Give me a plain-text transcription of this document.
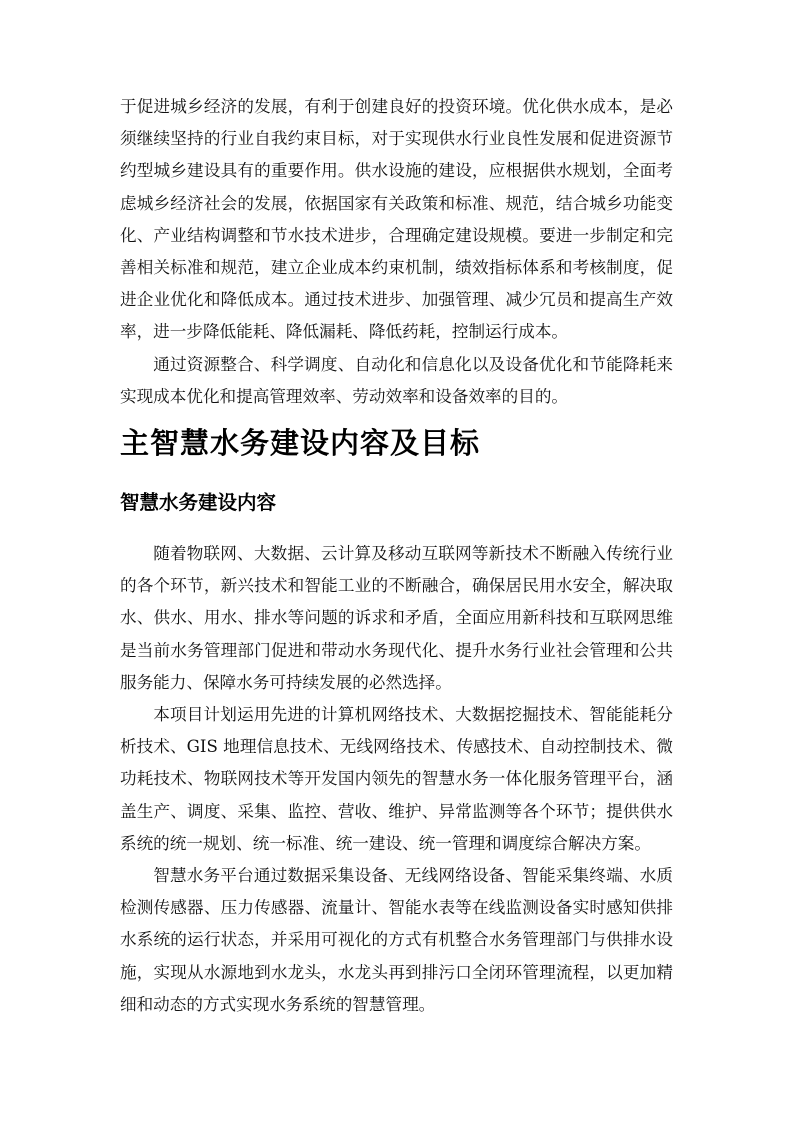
于促进城乡经济的发展，有利于创建良好的投资环境。优化供水成本，是必须继续坚持的行业自我约束目标，对于实现供水行业良性发展和促进资源节约型城乡建设具有的重要作用。供水设施的建设，应根据供水规划，全面考虑城乡经济社会的发展，依据国家有关政策和标准、规范，结合城乡功能变化、产业结构调整和节水技术进步，合理确定建设规模。要进一步制定和完善相关标准和规范，建立企业成本约束机制，绩效指标体系和考核制度，促进企业优化和降低成本。通过技术进步、加强管理、减少冗员和提高生产效率，进一步降低能耗、降低漏耗、降低药耗，控制运行成本。

通过资源整合、科学调度、自动化和信息化以及设备优化和节能降耗来实现成本优化和提高管理效率、劳动效率和设备效率的目的。

主智慧水务建设内容及目标
智慧水务建设内容

随着物联网、大数据、云计算及移动互联网等新技术不断融入传统行业的各个环节，新兴技术和智能工业的不断融合，确保居民用水安全，解决取水、供水、用水、排水等问题的诉求和矛盾，全面应用新科技和互联网思维是当前水务管理部门促进和带动水务现代化、提升水务行业社会管理和公共服务能力、保障水务可持续发展的必然选择。

本项目计划运用先进的计算机网络技术、大数据挖掘技术、智能能耗分析技术、GIS 地理信息技术、无线网络技术、传感技术、自动控制技术、微功耗技术、物联网技术等开发国内领先的智慧水务一体化服务管理平台，涵盖生产、调度、采集、监控、营收、维护、异常监测等各个环节；提供供水系统的统一规划、统一标准、统一建设、统一管理和调度综合解决方案。

智慧水务平台通过数据采集设备、无线网络设备、智能采集终端、水质检测传感器、压力传感器、流量计、智能水表等在线监测设备实时感知供排水系统的运行状态，并采用可视化的方式有机整合水务管理部门与供排水设施，实现从水源地到水龙头，水龙头再到排污口全闭环管理流程，以更加精细和动态的方式实现水务系统的智慧管理。
